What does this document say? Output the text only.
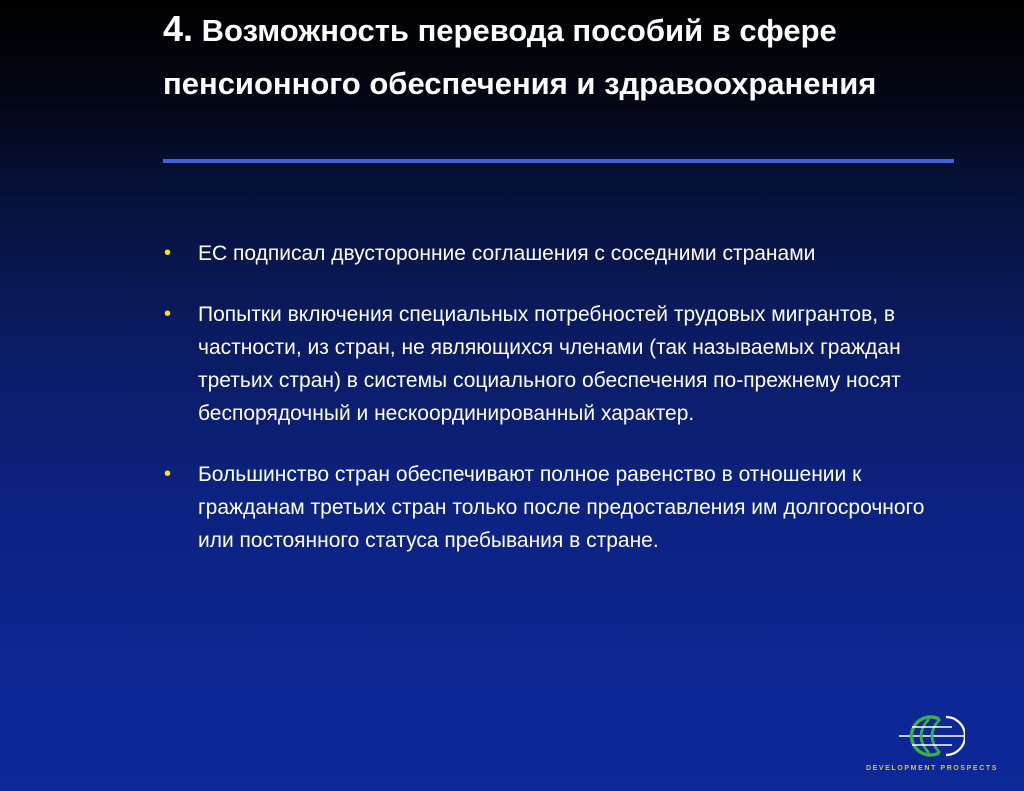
4. Возможность перевода пособий в сфере пенсионного обеспечения и здравоохранения
• ЕС подписал двусторонние соглашения с соседними странами
• Попытки включения специальных потребностей трудовых мигрантов, в частности, из стран, не являющихся членами (так называемых граждан третьих стран) в системы социального обеспечения по-прежнему носят беспорядочный и нескоординированный характер.
• Большинство стран обеспечивают полное равенство в отношении к гражданам третьих стран только после предоставления им долгосрочного или постоянного статуса пребывания в стране.
DEVELOPMENT PROSPECTS
